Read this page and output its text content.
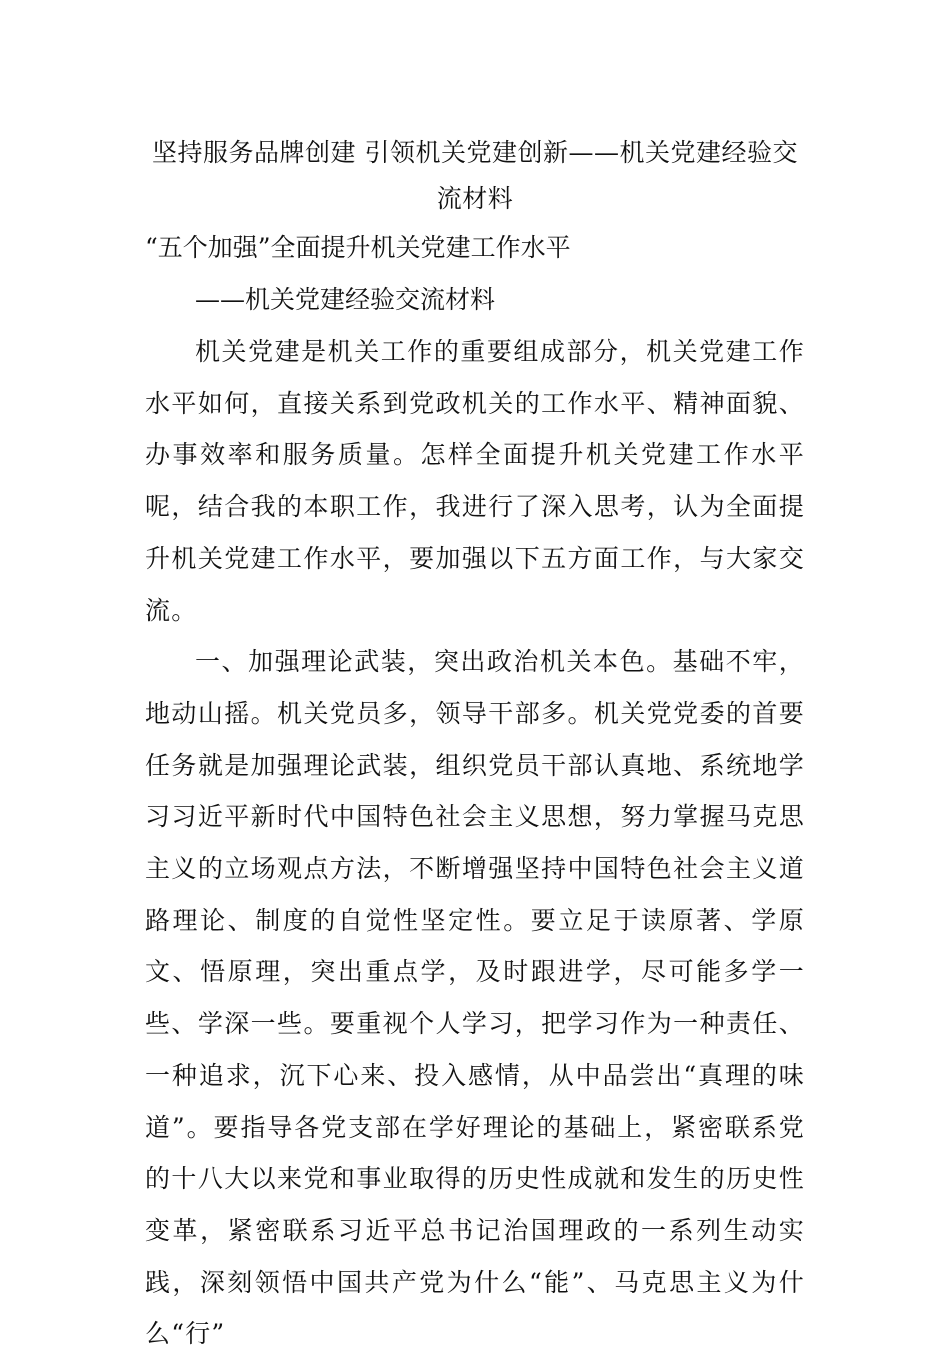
坚持服务品牌创建 引领机关党建创新——机关党建经验交

流材料

“五个加强”全面提升机关党建工作水平

——机关党建经验交流材料

机关党建是机关工作的重要组成部分，机关党建工作水平如何，直接关系到党政机关的工作水平、精神面貌、办事效率和服务质量。怎样全面提升机关党建工作水平呢，结合我的本职工作，我进行了深入思考，认为全面提升机关党建工作水平，要加强以下五方面工作，与大家交流。

一、加强理论武装，突出政治机关本色。基础不牢，地动山摇。机关党员多，领导干部多。机关党党委的首要任务就是加强理论武装，组织党员干部认真地、系统地学习习近平新时代中国特色社会主义思想，努力掌握马克思主义的立场观点方法，不断增强坚持中国特色社会主义道路理论、制度的自觉性坚定性。要立足于读原著、学原文、悟原理，突出重点学，及时跟进学，尽可能多学一些、学深一些。要重视个人学习，把学习作为一种责任、一种追求，沉下心来、投入感情，从中品尝出“真理的味道”。要指导各党支部在学好理论的基础上，紧密联系党的十八大以来党和事业取得的历史性成就和发生的历史性变革，紧密联系习近平总书记治国理政的一系列生动实践，深刻领悟中国共产党为什么“能”、马克思主义为什么“行”
